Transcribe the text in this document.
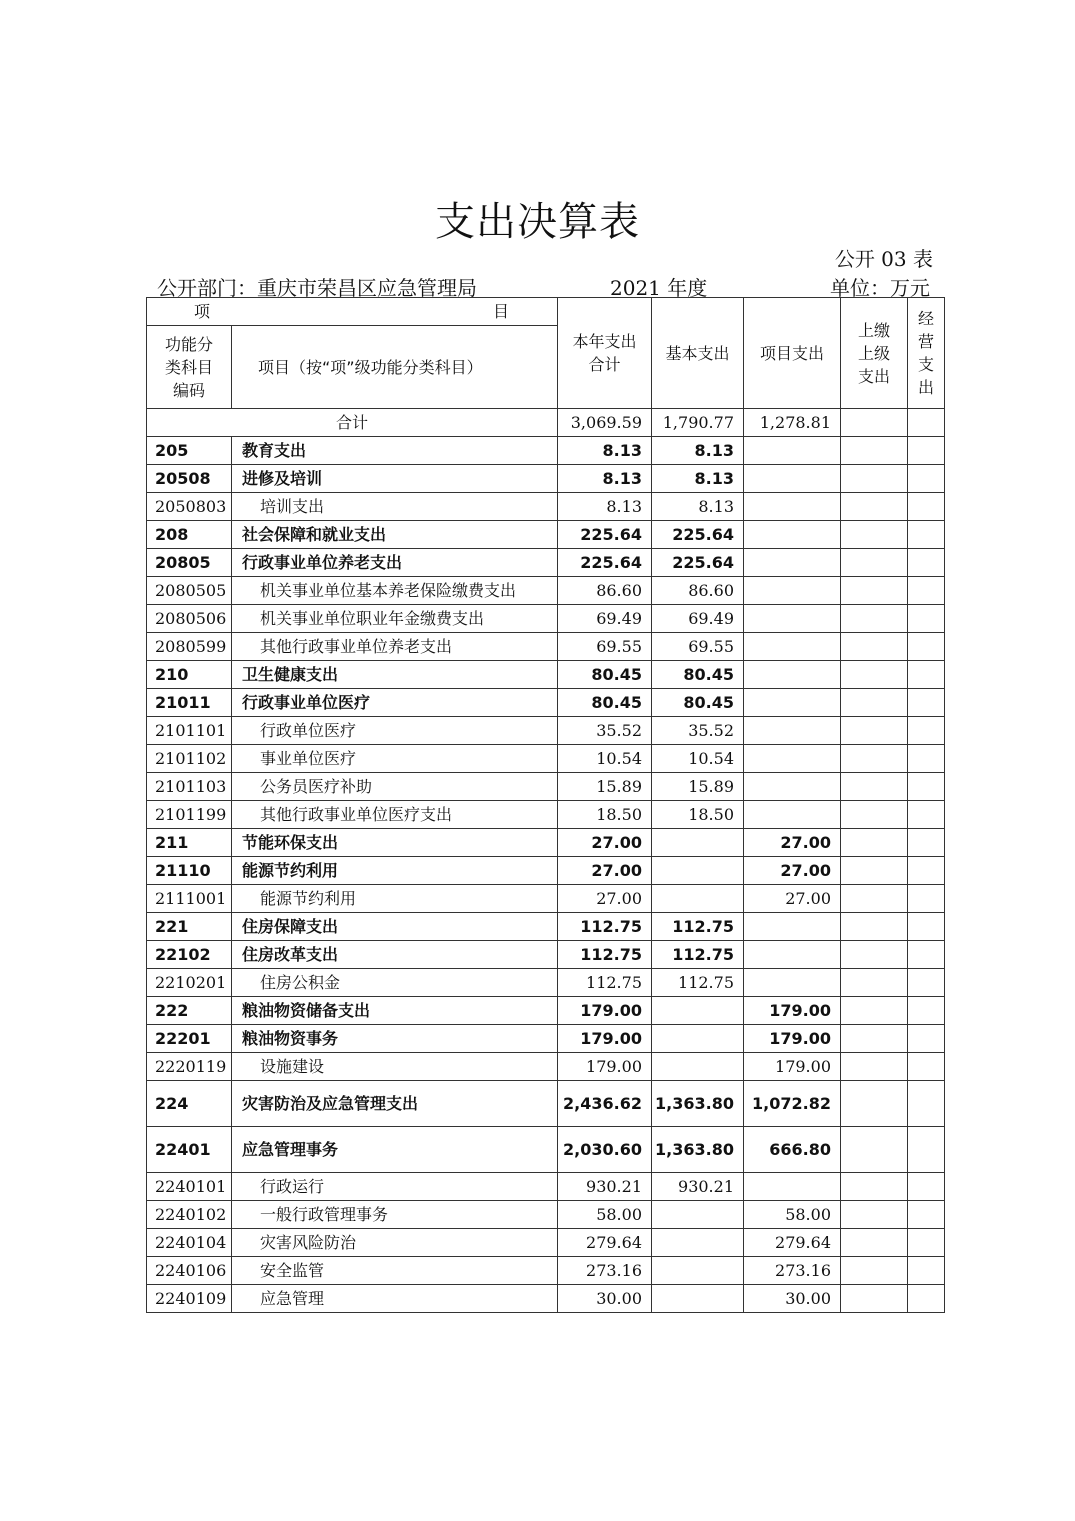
支出决算表
公开 03 表
公开部门：重庆市荣昌区应急管理局	2021 年度	单位：万元
项 目		本年支出合计	基本支出	项目支出	上缴上级支出	经营支出

功能分类科目编码	项目（按“项”级功能分类科目）					
合计		3,069.59	1,790.77	1,278.81		
205	教育支出	8.13	8.13			
20508	进修及培训	8.13	8.13			
2050803	培训支出	8.13	8.13			
208	社会保障和就业支出	225.64	225.64			
20805	行政事业单位养老支出	225.64	225.64			
2080505	机关事业单位基本养老保险缴费支出	86.60	86.60			
2080506	机关事业单位职业年金缴费支出	69.49	69.49			
2080599	其他行政事业单位养老支出	69.55	69.55			
210	卫生健康支出	80.45	80.45			
21011	行政事业单位医疗	80.45	80.45			
2101101	行政单位医疗	35.52	35.52			
2101102	事业单位医疗	10.54	10.54			
2101103	公务员医疗补助	15.89	15.89			
2101199	其他行政事业单位医疗支出	18.50	18.50			
211	节能环保支出	27.00		27.00		
21110	能源节约利用	27.00		27.00		
2111001	能源节约利用	27.00		27.00		
221	住房保障支出	112.75	112.75			
22102	住房改革支出	112.75	112.75			
2210201	住房公积金	112.75	112.75			
222	粮油物资储备支出	179.00		179.00		
22201	粮油物资事务	179.00		179.00		
2220119	设施建设	179.00		179.00		
224	灾害防治及应急管理支出	2,436.62	1,363.80	1,072.82		
22401	应急管理事务	2,030.60	1,363.80	666.80		
2240101	行政运行	930.21	930.21			
2240102	一般行政管理事务	58.00		58.00		
2240104	灾害风险防治	279.64		279.64		
2240106	安全监管	273.16		273.16		
2240109	应急管理	30.00		30.00		
